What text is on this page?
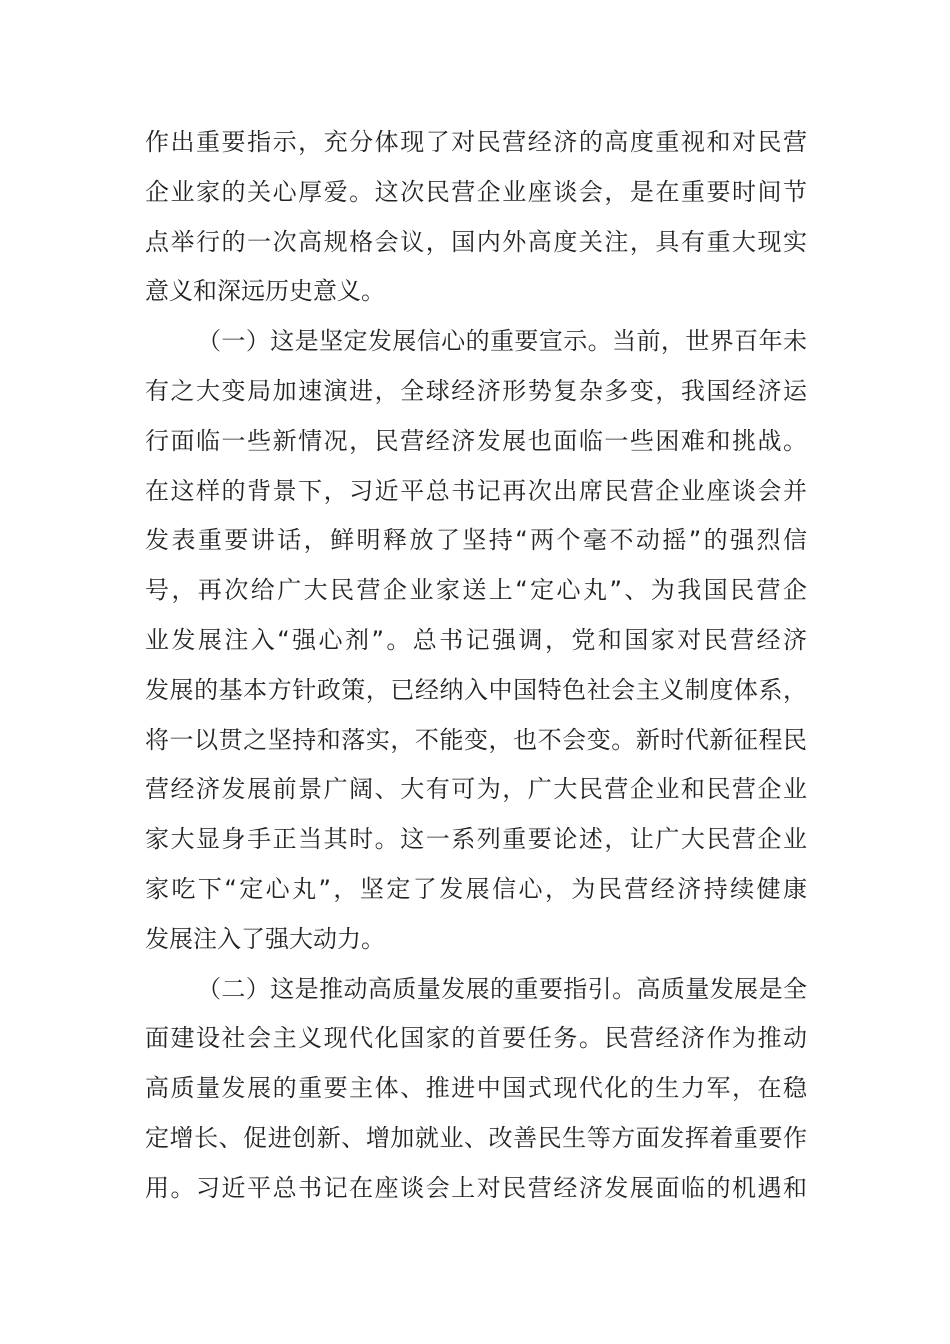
作出重要指示，充分体现了对民营经济的高度重视和对民营
企业家的关心厚爱。这次民营企业座谈会，是在重要时间节
点举行的一次高规格会议，国内外高度关注，具有重大现实
意义和深远历史意义。
（一）这是坚定发展信心的重要宣示。当前，世界百年未
有之大变局加速演进，全球经济形势复杂多变，我国经济运
行面临一些新情况，民营经济发展也面临一些困难和挑战。
在这样的背景下，习近平总书记再次出席民营企业座谈会并
发表重要讲话，鲜明释放了坚持“两个毫不动摇”的强烈信
号，再次给广大民营企业家送上“定心丸”、为我国民营企
业发展注入“强心剂”。总书记强调，党和国家对民营经济
发展的基本方针政策，已经纳入中国特色社会主义制度体系，
将一以贯之坚持和落实，不能变，也不会变。新时代新征程民
营经济发展前景广阔、大有可为，广大民营企业和民营企业
家大显身手正当其时。这一系列重要论述，让广大民营企业
家吃下“定心丸”，坚定了发展信心，为民营经济持续健康
发展注入了强大动力。
（二）这是推动高质量发展的重要指引。高质量发展是全
面建设社会主义现代化国家的首要任务。民营经济作为推动
高质量发展的重要主体、推进中国式现代化的生力军，在稳
定增长、促进创新、增加就业、改善民生等方面发挥着重要作
用。习近平总书记在座谈会上对民营经济发展面临的机遇和
